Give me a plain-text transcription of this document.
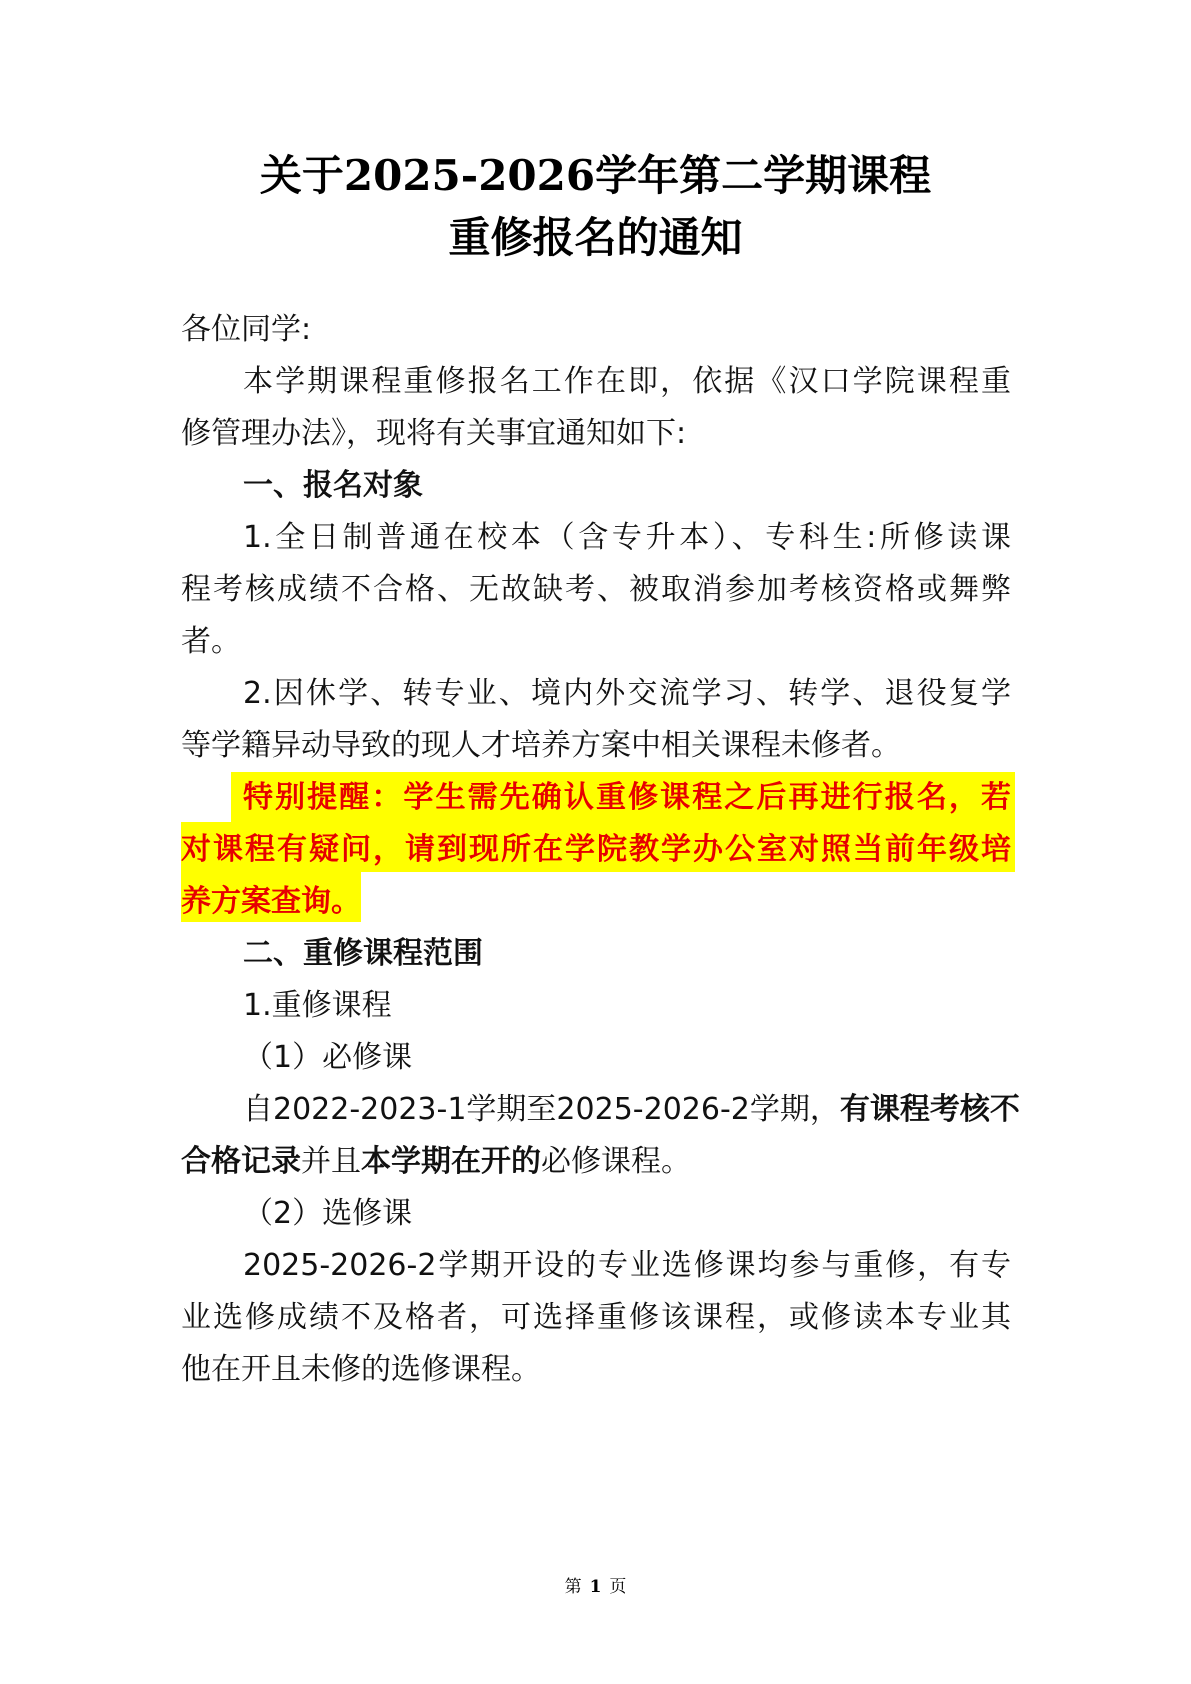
关于2025-2026学年第二学期课程
重修报名的通知
各位同学:
本学期课程重修报名工作在即，依据《汉口学院课程重
修管理办法》，现将有关事宜通知如下:
一、报名对象
1.全日制普通在校本（含专升本）、专科生:所修读课
程考核成绩不合格、无故缺考、被取消参加考核资格或舞弊
者。
2.因休学、转专业、境内外交流学习、转学、退役复学
等学籍异动导致的现人才培养方案中相关课程未修者。
特别提醒：学生需先确认重修课程之后再进行报名，若
对课程有疑问，请到现所在学院教学办公室对照当前年级培
养方案查询。
二、重修课程范围
1.重修课程
（1）必修课
自2022-2023-1学期至2025-2026-2学期，有课程考核不
合格记录并且本学期在开的必修课程。
（2）选修课
2025-2026-2学期开设的专业选修课均参与重修，有专
业选修成绩不及格者，可选择重修该课程，或修读本专业其
他在开且未修的选修课程。
第 1 页
